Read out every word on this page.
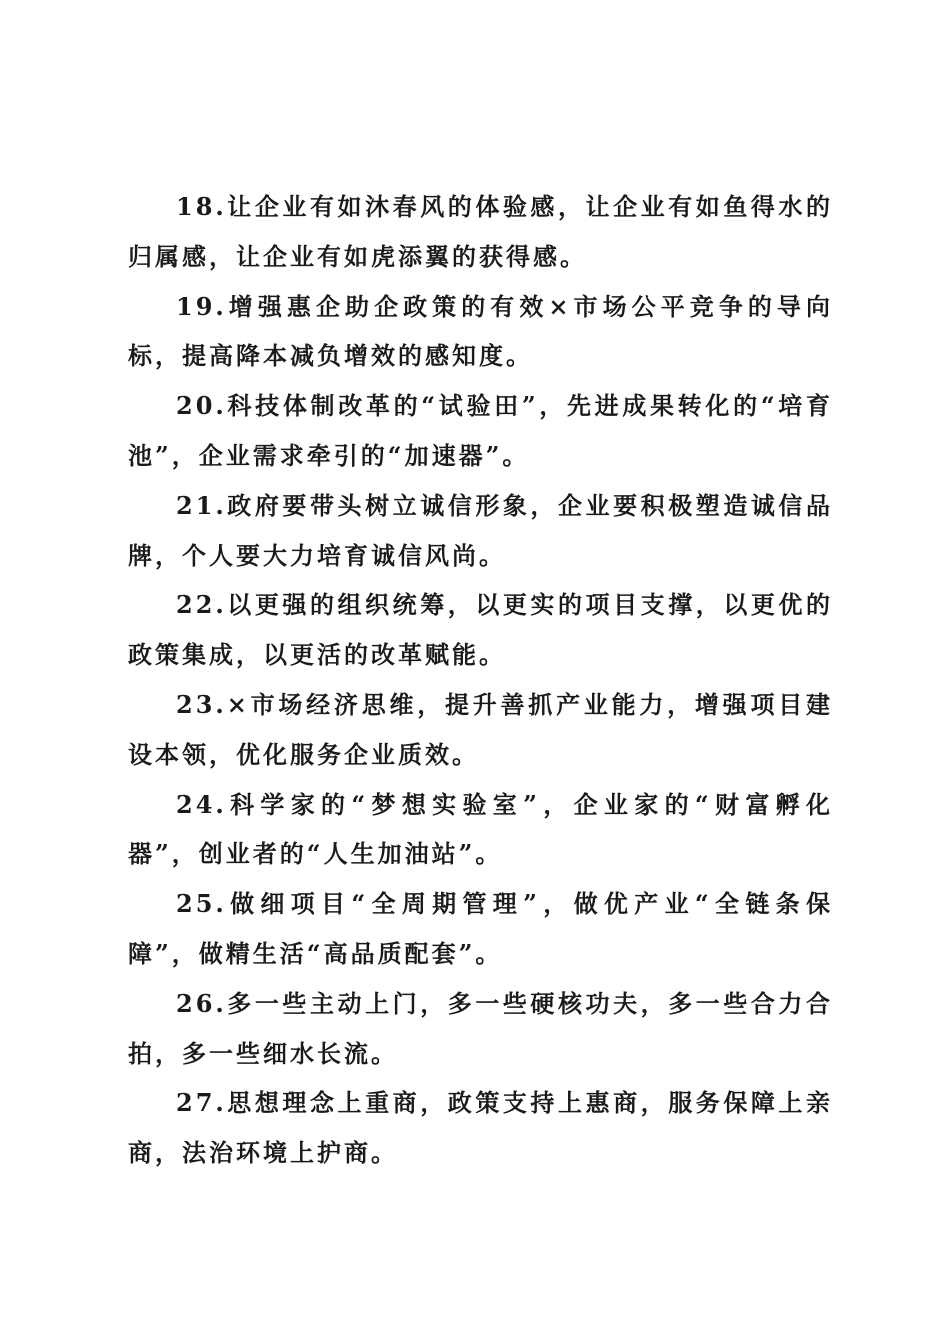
18.让企业有如沐春风的体验感，让企业有如鱼得水的归属感，让企业有如虎添翼的获得感。

19.增强惠企助企政策的有效×市场公平竞争的导向标，提高降本减负增效的感知度。

20.科技体制改革的“试验田”，先进成果转化的“培育池”，企业需求牵引的“加速器”。

21.政府要带头树立诚信形象，企业要积极塑造诚信品牌，个人要大力培育诚信风尚。

22.以更强的组织统筹，以更实的项目支撑，以更优的政策集成，以更活的改革赋能。

23.×市场经济思维，提升善抓产业能力，增强项目建设本领，优化服务企业质效。

24.科学家的“梦想实验室”，企业家的“财富孵化器”，创业者的“人生加油站”。

25.做细项目“全周期管理”，做优产业“全链条保障”，做精生活“高品质配套”。

26.多一些主动上门，多一些硬核功夫，多一些合力合拍，多一些细水长流。

27.思想理念上重商，政策支持上惠商，服务保障上亲商，法治环境上护商。
